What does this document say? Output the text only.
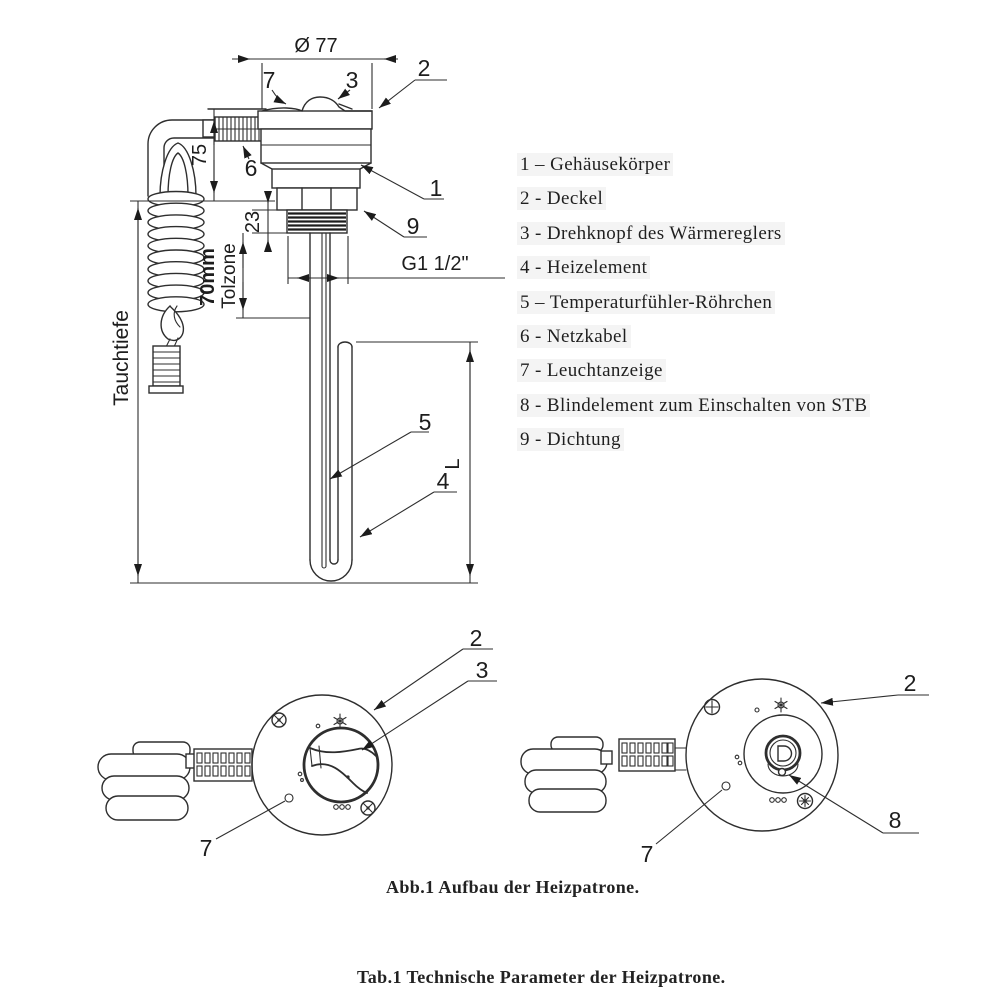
Ø 77
75
23
70mm Tolzone
Tauchtiefe
G1 1/2"
L
7	3	2
6
1
9
5
4
2
3
7
2
7
8
1 – Gehäusekörper
2 - Deckel
3 - Drehknopf des Wärmereglers
4 - Heizelement
5 – Temperaturfühler-Röhrchen
6 - Netzkabel
7 - Leuchtanzeige
8 - Blindelement zum Einschalten von STB
9 - Dichtung
Abb.1 Aufbau der Heizpatrone.
Tab.1 Technische Parameter der Heizpatrone.
